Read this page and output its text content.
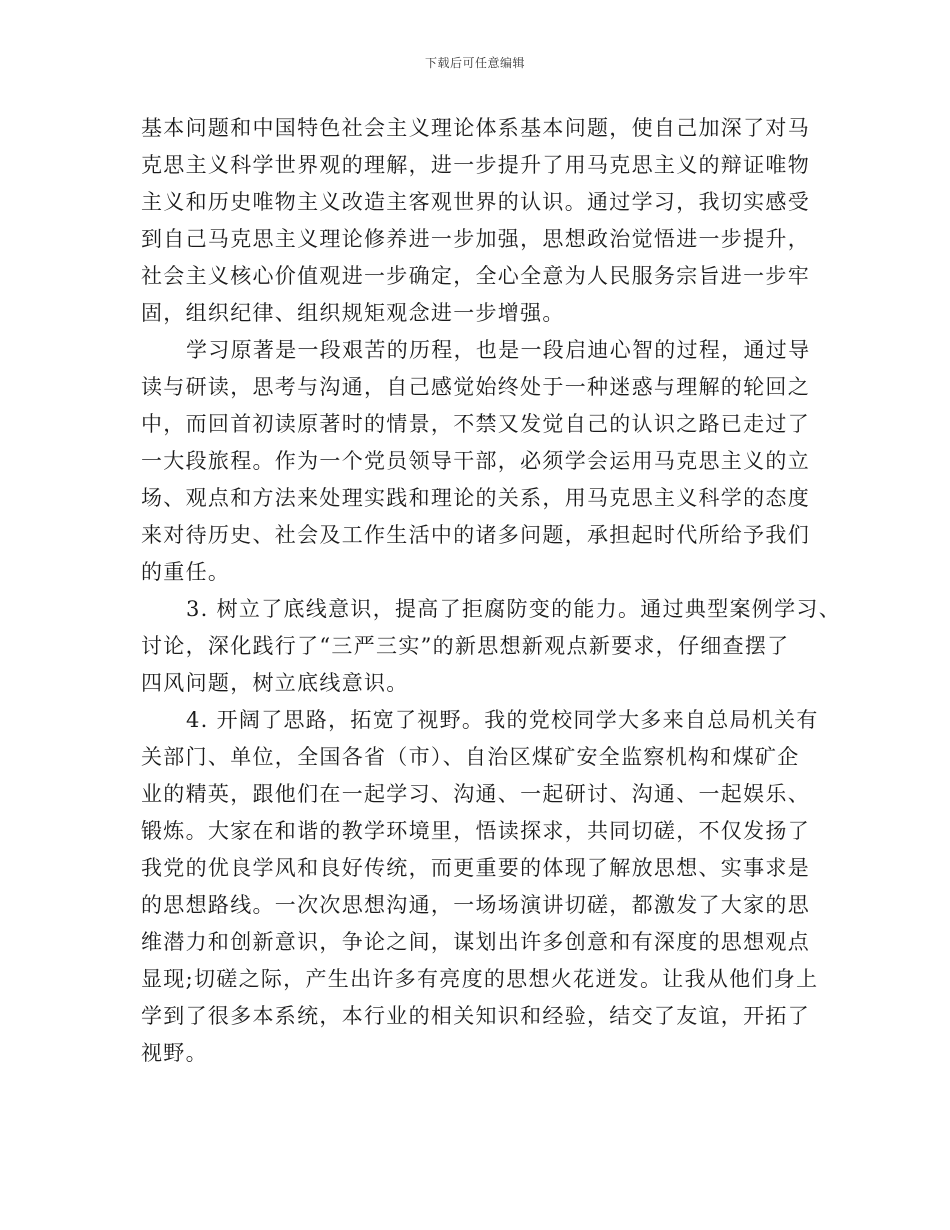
下载后可任意编辑
基本问题和中国特色社会主义理论体系基本问题，使自己加深了对马
克思主义科学世界观的理解，进一步提升了用马克思主义的辩证唯物
主义和历史唯物主义改造主客观世界的认识。通过学习，我切实感受
到自己马克思主义理论修养进一步加强，思想政治觉悟进一步提升，
社会主义核心价值观进一步确定，全心全意为人民服务宗旨进一步牢
固，组织纪律、组织规矩观念进一步增强。
学习原著是一段艰苦的历程，也是一段启迪心智的过程，通过导
读与研读，思考与沟通，自己感觉始终处于一种迷惑与理解的轮回之
中，而回首初读原著时的情景，不禁又发觉自己的认识之路已走过了
一大段旅程。作为一个党员领导干部，必须学会运用马克思主义的立
场、观点和方法来处理实践和理论的关系，用马克思主义科学的态度
来对待历史、社会及工作生活中的诸多问题，承担起时代所给予我们
的重任。
3. 树立了底线意识，提高了拒腐防变的能力。通过典型案例学习、
讨论，深化践行了“三严三实”的新思想新观点新要求，仔细查摆了
四风问题，树立底线意识。
4. 开阔了思路，拓宽了视野。我的党校同学大多来自总局机关有
关部门、单位，全国各省（市）、自治区煤矿安全监察机构和煤矿企
业的精英，跟他们在一起学习、沟通、一起研讨、沟通、一起娱乐、
锻炼。大家在和谐的教学环境里，悟读探求，共同切磋，不仅发扬了
我党的优良学风和良好传统，而更重要的体现了解放思想、实事求是
的思想路线。一次次思想沟通，一场场演讲切磋，都激发了大家的思
维潜力和创新意识，争论之间，谋划出许多创意和有深度的思想观点
显现;切磋之际，产生出许多有亮度的思想火花迸发。让我从他们身上
学到了很多本系统，本行业的相关知识和经验，结交了友谊，开拓了
视野。
